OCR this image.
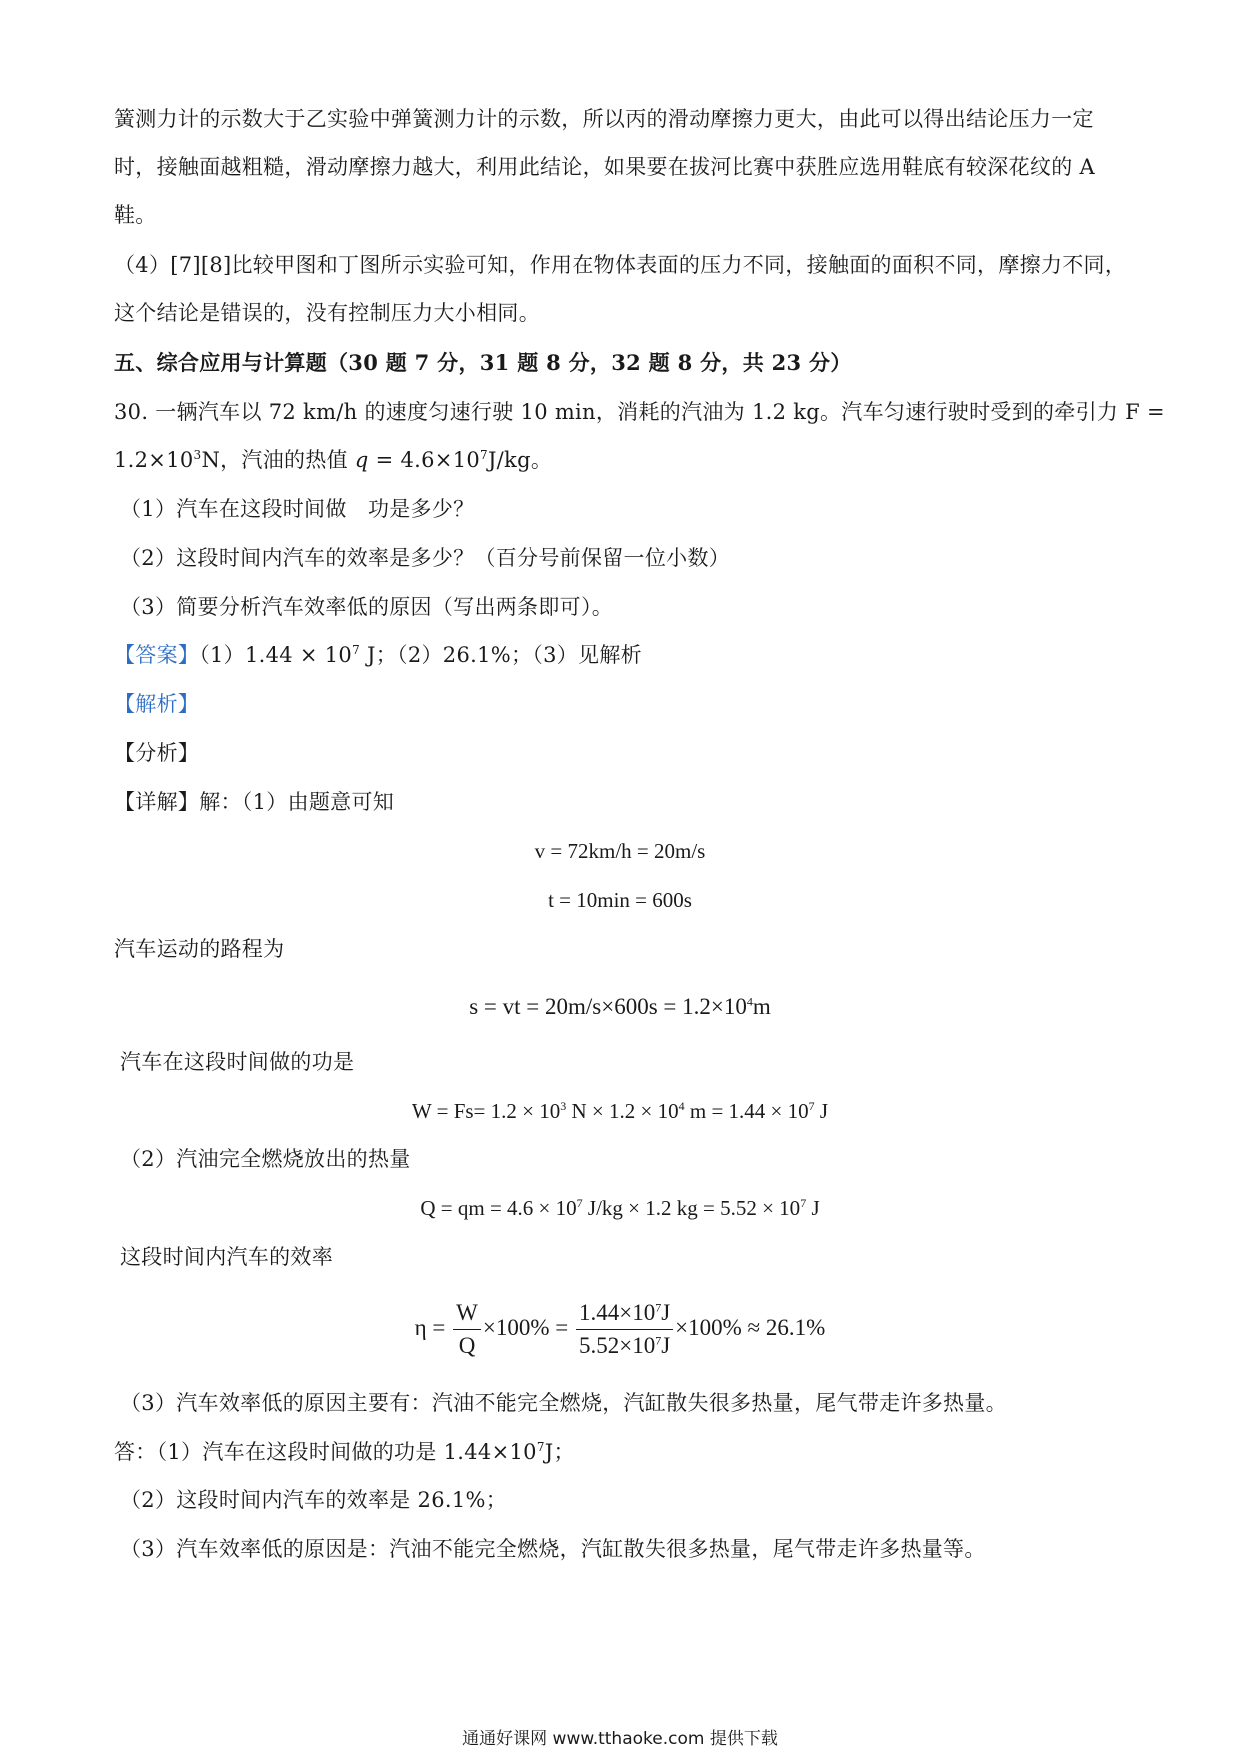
簧测力计的示数大于乙实验中弹簧测力计的示数，所以丙的滑动摩擦力更大，由此可以得出结论压力一定
时，接触面越粗糙，滑动摩擦力越大，利用此结论，如果要在拔河比赛中获胜应选用鞋底有较深花纹的 A
鞋。
（4）[7][8]比较甲图和丁图所示实验可知，作用在物体表面的压力不同，接触面的面积不同，摩擦力不同，
这个结论是错误的，没有控制压力大小相同。
五、综合应用与计算题（30 题 7 分，31 题 8 分，32 题 8 分，共 23 分）
30. 一辆汽车以 72 km/h 的速度匀速行驶 10 min，消耗的汽油为 1.2 kg。汽车匀速行驶时受到的牵引力 F =
$1.2\times 10^3N$，汽油的热值 $q = 4.6\times 10^7J/kg$。
（1）汽车在这段时间做　功是多少？
（2）这段时间内汽车的效率是多少？（百分号前保留一位小数）
（3）简要分析汽车效率低的原因（写出两条即可）。
【答案】$(1)1.44 \times 10^7$ J；（2）26.1%；（3）见解析
【解析】
【分析】
【详解】解：（1）由题意可知
v = 72km/h = 20m/s
t = 10min = 600s
汽车运动的路程为
s = vt = $20m/s\times 600s = 1.2\times 10^4m$
汽车在这段时间做的功是
$W = Fs= 1.2 \times 10^3$ $N \times 1.2 \times 10^4$ $m = 1.44 \times 10^7$ J
（2）汽油完全燃烧放出的热量
Q = qm = $4.6 \times 10^7$ J/kg × 1.2 kg = $5.52 \times 10^7$ J
这段时间内汽车的效率
$\eta = \frac{W}{Q} \times 100\% = \frac{1.44\times 10^7J}{5.52\times 10^7J} \times 100\% \approx 26.1\%$
（3）汽车效率低的原因主要有：汽油不能完全燃烧，汽缸散失很多热量，尾气带走许多热量。
答：（1）汽车在这段时间做的功是 $1.44\times 10^7J$；
（2）这段时间内汽车的效率是 26.1%；
（3）汽车效率低的原因是：汽油不能完全燃烧，汽缸散失很多热量，尾气带走许多热量等。
通通好课网 www.tthaoke.com 提供下载
